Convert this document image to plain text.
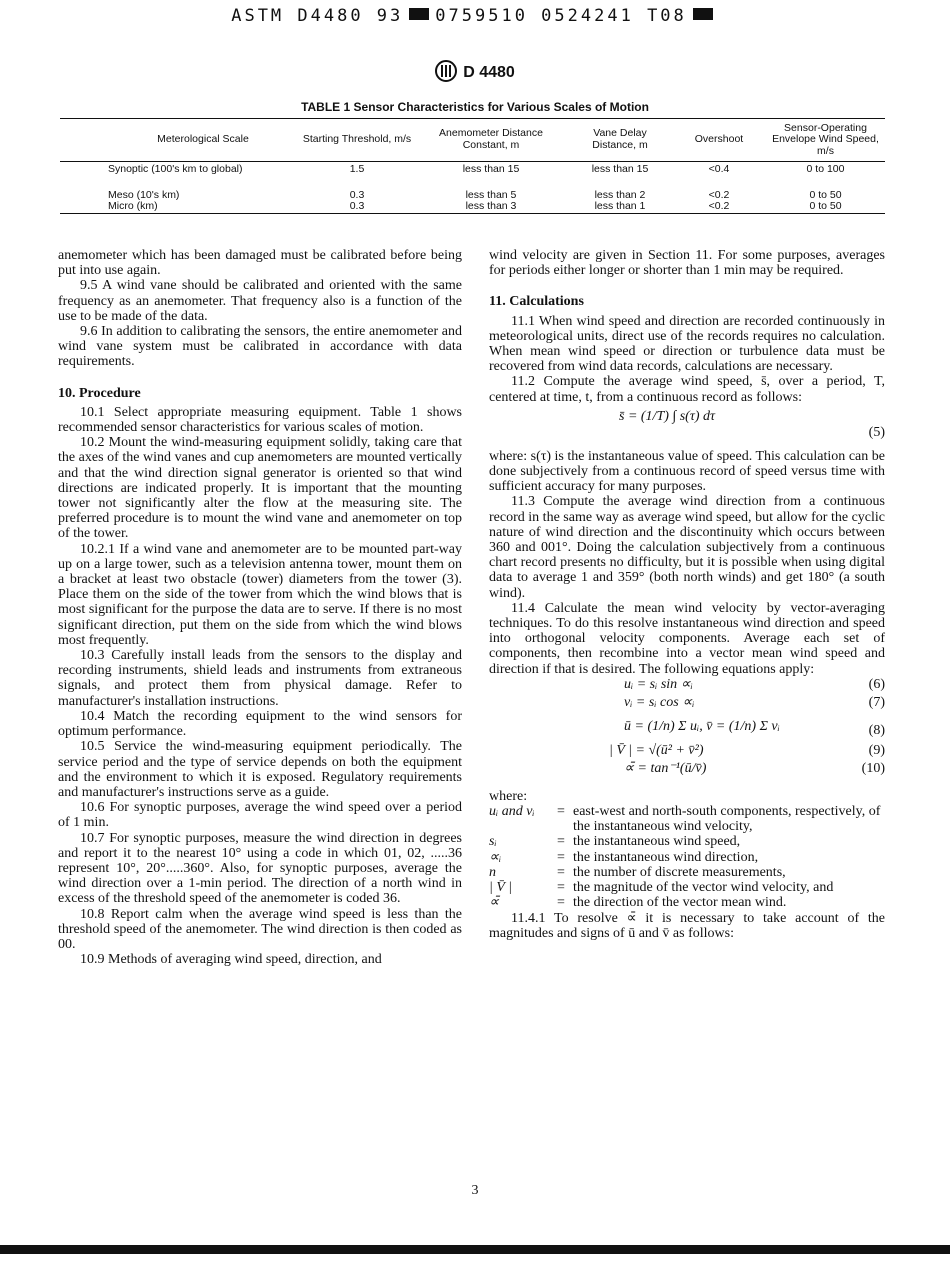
ASTM D4480 93 0759510 0524241 T08
D 4480
TABLE 1 Sensor Characteristics for Various Scales of Motion
Meterological Scale	Starting Threshold, m/s	Anemometer Distance Constant, m	Vane Delay Distance, m	Overshoot	Sensor-Operating Envelope Wind Speed, m/s
Synoptic (100's km to global)	1.5	less than 15	less than 15	<0.4	0 to 100
Meso (10's km)	0.3	less than 5	less than 2	<0.2	0 to 50
Micro (km)	0.3	less than 3	less than 1	<0.2	0 to 50

anemometer which has been damaged must be calibrated before being put into use again.

9.5 A wind vane should be calibrated and oriented with the same frequency as an anemometer. That frequency also is a function of the use to be made of the data.

9.6 In addition to calibrating the sensors, the entire anemometer and wind vane system must be calibrated in accordance with data requirements.

10. Procedure

10.1 Select appropriate measuring equipment. Table 1 shows recommended sensor characteristics for various scales of motion.

10.2 Mount the wind-measuring equipment solidly, taking care that the axes of the wind vanes and cup anemometers are mounted vertically and that the wind direction signal generator is oriented so that wind directions are indicated properly. It is important that the mounting tower not significantly alter the flow at the measuring site. The preferred procedure is to mount the wind vane and anemometer on top of the tower.

10.2.1 If a wind vane and anemometer are to be mounted part-way up on a large tower, such as a television antenna tower, mount them on a bracket at least two obstacle (tower) diameters from the tower (3). Place them on the side of the tower from which the wind blows that is most significant for the purpose the data are to serve. If there is no most significant direction, put them on the side from which the wind blows most frequently.

10.3 Carefully install leads from the sensors to the display and recording instruments, shield leads and instruments from extraneous signals, and protect them from physical damage. Refer to manufacturer's installation instructions.

10.4 Match the recording equipment to the wind sensors for optimum performance.

10.5 Service the wind-measuring equipment periodically. The service period and the type of service depends on both the equipment and the environment to which it is exposed. Regulatory requirements and manufacturer's instructions serve as a guide.

10.6 For synoptic purposes, average the wind speed over a period of 1 min.

10.7 For synoptic purposes, measure the wind direction in degrees and report it to the nearest 10° using a code in which 01, 02, .....36 represent 10°, 20°.....360°. Also, for synoptic purposes, average the wind direction over a 1-min period. The direction of a north wind in excess of the threshold speed of the anemometer is coded 36.

10.8 Report calm when the average wind speed is less than the threshold speed of the anemometer. The wind direction is then coded as 00.

10.9 Methods of averaging wind speed, direction, and

wind velocity are given in Section 11. For some purposes, averages for periods either longer or shorter than 1 min may be required.

11. Calculations

11.1 When wind speed and direction are recorded continuously in meteorological units, direct use of the records requires no calculation. When mean wind speed or direction or turbulence data must be recovered from wind data records, calculations are necessary.

11.2 Compute the average wind speed, s̄, over a period, T, centered at time, t, from a continuous record as follows:

s̄ = (1/T) ∫ s(τ) dτ
(5)

where: s(τ) is the instantaneous value of speed. This calculation can be done subjectively from a continuous record of speed versus time with sufficient accuracy for many purposes.

11.3 Compute the average wind direction from a continuous record in the same way as average wind speed, but allow for the cyclic nature of wind direction and the discontinuity which occurs between 360 and 001°. Doing the calculation subjectively from a continuous chart record presents no difficulty, but it is possible when using digital data to average 1 and 359° (both north winds) and get 180° (a south wind).

11.4 Calculate the mean wind velocity by vector-averaging techniques. To do this resolve instantaneous wind direction and speed into orthogonal velocity components. Average each set of components, then recombine into a vector mean wind speed and direction if that is desired. The following equations apply:

uᵢ = sᵢ sin ∝ᵢ	(6)
vᵢ = sᵢ cos ∝ᵢ	(7)
ū = (1/n) Σ uᵢ, v̄ = (1/n) Σ vᵢ	(8)
| V̄ | = √(ū² + v̄²)	(9)
∝̄ = tan⁻¹(ū/v̄)	(10)

where:

uᵢ and vᵢ	= east-west and north-south components, respectively, of the instantaneous wind velocity,
sᵢ	= the instantaneous wind speed,
∝ᵢ	= the instantaneous wind direction,
n	= the number of discrete measurements,
| V̄ |	= the magnitude of the vector wind velocity, and
∝̄	= the direction of the vector mean wind.

11.4.1 To resolve ∝̄ it is necessary to take account of the magnitudes and signs of ū and v̄ as follows:

3
